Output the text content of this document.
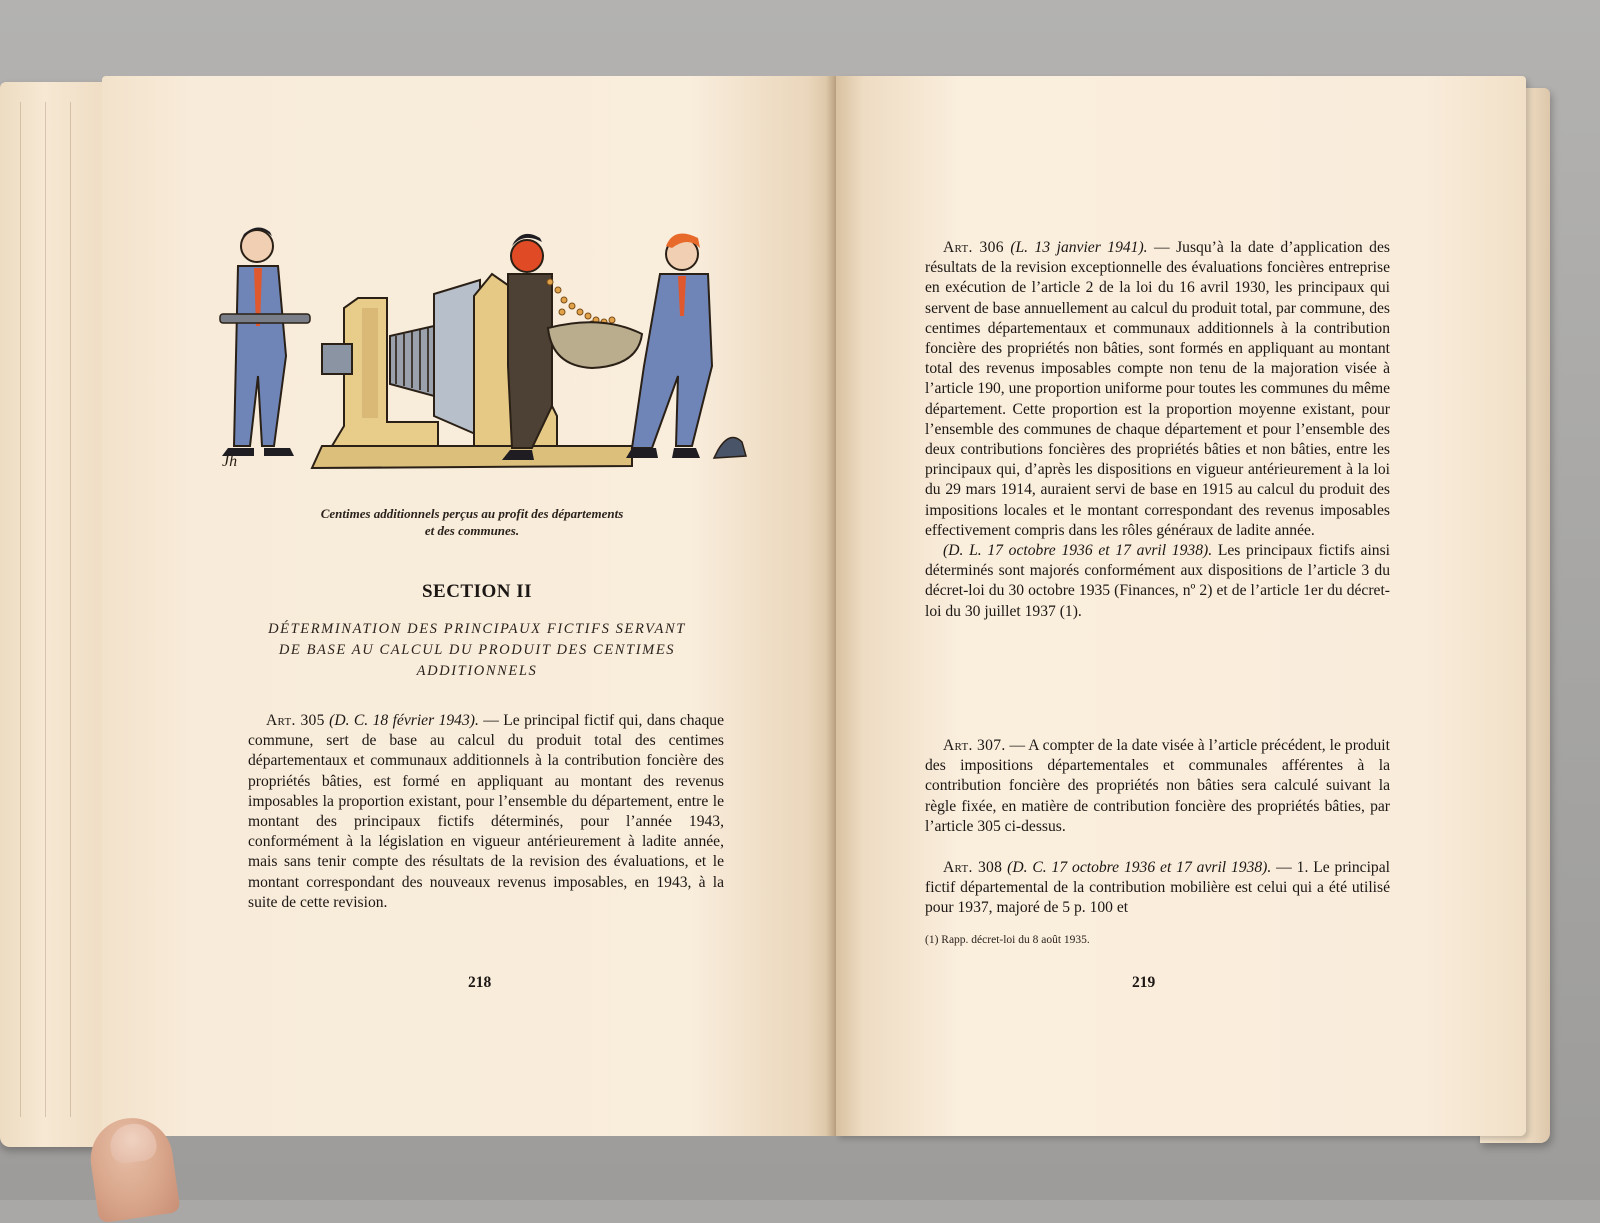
Jh
Centimes additionnels perçus au profit des départements
et des communes.
SECTION II
DÉTERMINATION DES PRINCIPAUX FICTIFS SERVANT
DE BASE AU CALCUL DU PRODUIT DES CENTIMES
ADDITIONNELS

Art. 305 (D. C. 18 février 1943). — Le principal fictif qui, dans chaque commune, sert de base au calcul du produit total des centimes départementaux et communaux additionnels à la contribution foncière des propriétés bâties, est formé en appliquant au montant des revenus imposables la proportion existant, pour l’ensemble du département, entre le montant des principaux fictifs déterminés, pour l’année 1943, conformément à la législation en vigueur antérieurement à ladite année, mais sans tenir compte des résultats de la revision des évaluations, et le montant correspondant des nouveaux revenus imposables, en 1943, à la suite de cette revision.

218

Art. 306 (L. 13 janvier 1941). — Jusqu’à la date d’application des résultats de la revision exceptionnelle des évaluations foncières entreprise en exécution de l’article 2 de la loi du 16 avril 1930, les principaux qui servent de base annuellement au calcul du produit total, par commune, des centimes départementaux et communaux additionnels à la contribution foncière des propriétés non bâties, sont formés en appliquant au montant total des revenus imposables compte non tenu de la majoration visée à l’article 190, une proportion uniforme pour toutes les communes du même département. Cette proportion est la proportion moyenne existant, pour l’ensemble des communes de chaque département et pour l’ensemble des deux contributions foncières des propriétés bâties et non bâties, entre les principaux qui, d’après les dispositions en vigueur antérieurement à la loi du 29 mars 1914, auraient servi de base en 1915 au calcul du produit des impositions locales et le montant correspondant des revenus imposables effectivement compris dans les rôles généraux de ladite année.

(D. L. 17 octobre 1936 et 17 avril 1938). Les principaux fictifs ainsi déterminés sont majorés conformément aux dispositions de l’article 3 du décret-loi du 30 octobre 1935 (Finances, nº 2) et de l’article 1er du décret-loi du 30 juillet 1937 (1).

Art. 307. — A compter de la date visée à l’article précédent, le produit des impositions départementales et communales afférentes à la contribution foncière des propriétés non bâties sera calculé suivant la règle fixée, en matière de contribution foncière des propriétés bâties, par l’article 305 ci-dessus.

Art. 308 (D. C. 17 octobre 1936 et 17 avril 1938). — 1. Le principal fictif départemental de la contribution mobilière est celui qui a été utilisé pour 1937, majoré de 5 p. 100 et

(1) Rapp. décret-loi du 8 août 1935.
219
